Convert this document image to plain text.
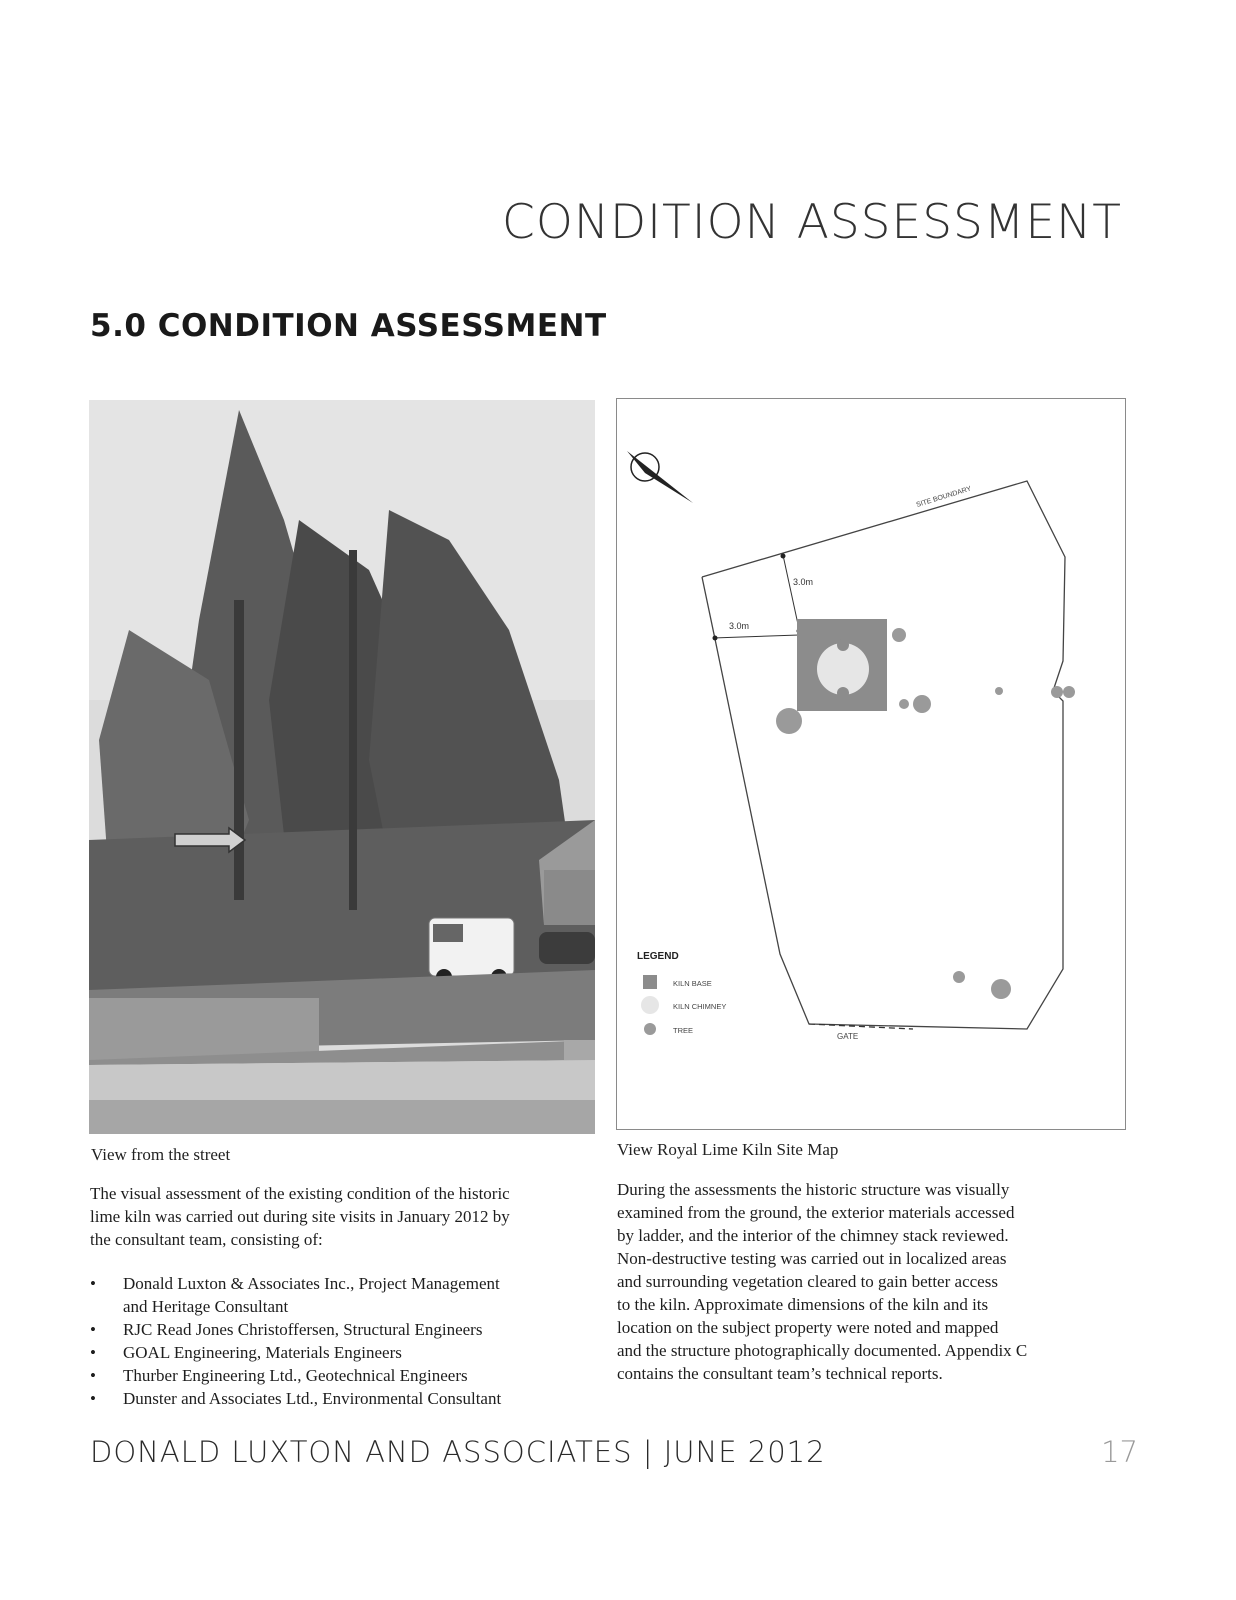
CONDITION ASSESSMENT
5.0 CONDITION ASSESSMENT
View from the street
SITE BOUNDARY
3.0m
3.0m
GATE
LEGEND
KILN BASE
KILN CHIMNEY
TREE
View Royal Lime Kiln Site Map
The visual assessment of the existing condition of the historic
lime kiln was carried out during site visits in January 2012 by
the consultant team, consisting of:
• Donald Luxton & Associates Inc., Project Management
and Heritage Consultant
• RJC Read Jones Christoffersen, Structural Engineers
• GOAL Engineering, Materials Engineers
• Thurber Engineering Ltd., Geotechnical Engineers
• Dunster and Associates Ltd., Environmental Consultant
During the assessments the historic structure was visually
examined from the ground, the exterior materials accessed
by ladder, and the interior of the chimney stack reviewed.
Non-destructive testing was carried out in localized areas
and surrounding vegetation cleared to gain better access
to the kiln. Approximate dimensions of the kiln and its
location on the subject property were noted and mapped
and the structure photographically documented. Appendix C
contains the consultant team’s technical reports.
DONALD LUXTON AND ASSOCIATES | JUNE 2012	17
